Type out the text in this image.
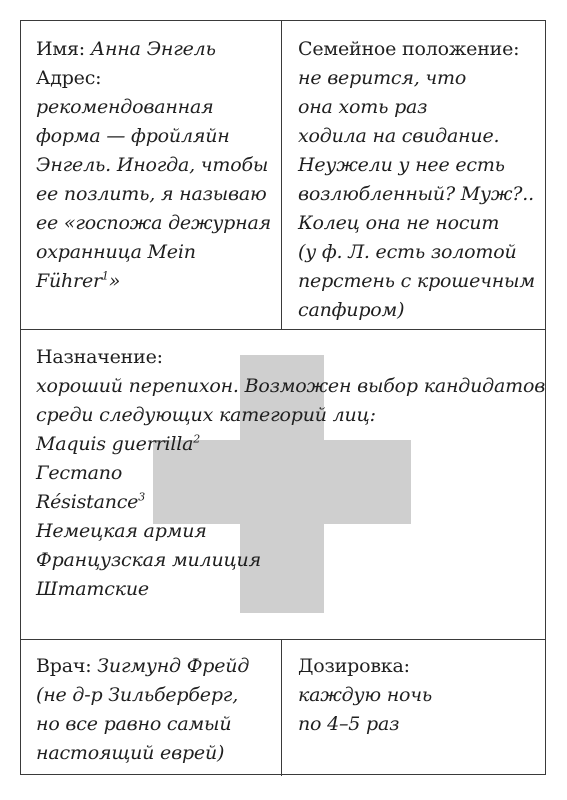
Имя: Анна Энгель
Адрес:
рекомендованная
форма — фройляйн
Энгель. Иногда, чтобы
ее позлить, я называю
ее «госпожа дежурная
охранница Mein
Führer$^1$»
Семейное положение:
не верится, что
она хоть раз
ходила на свидание.
Неужели у нее есть
возлюбленный? Муж?..
Колец она не носит
(у ф. Л. есть золотой
перстень с крошечным
сапфиром)
Назначение:
хороший перепихон. Возможен выбор кандидатов
среди следующих категорий лиц:
Maquis guerrilla$^2$
Гестапо
Résistance$^3$
Немецкая армия
Французская милиция
Штатские
Врач: Зигмунд Фрейд
(не д-р Зильберберг,
но все равно самый
настоящий еврей)
Дозировка:
каждую ночь
по 4–5 раз
